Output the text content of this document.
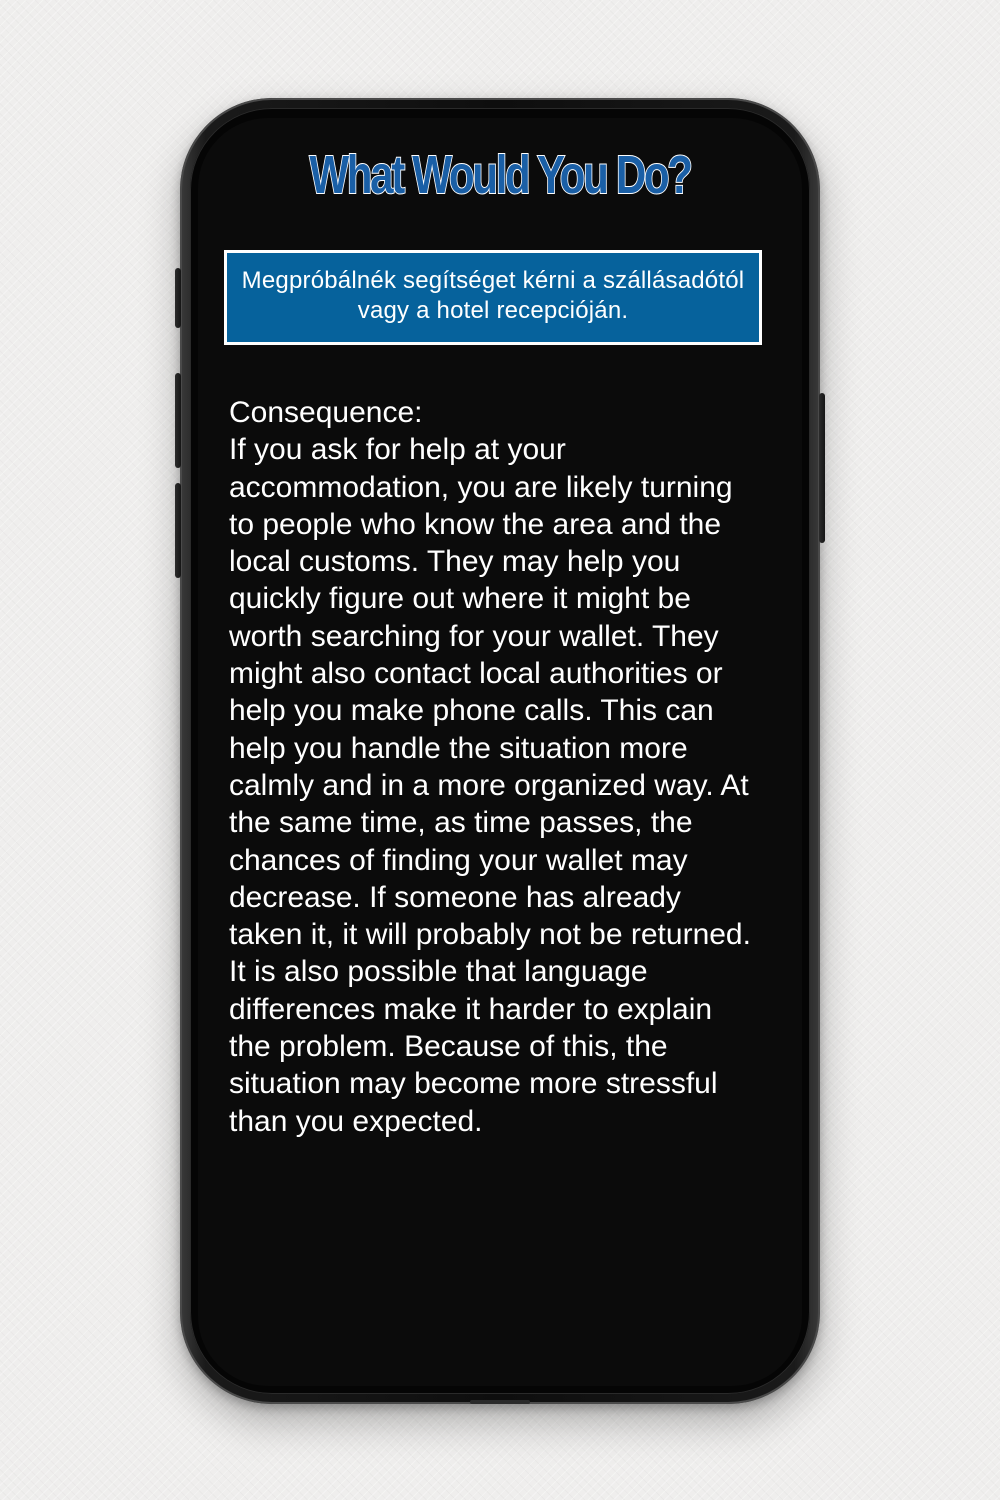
What Would You Do?
Megpróbálnék segítséget kérni a szállásadótól vagy a hotel recepcióján.
Consequence:
If you ask for help at your accommodation, you are likely turning to people who know the area and the local customs. They may help you quickly figure out where it might be worth searching for your wallet. They might also contact local authorities or help you make phone calls. This can help you handle the situation more calmly and in a more organized way. At the same time, as time passes, the chances of finding your wallet may decrease. If someone has already taken it, it will probably not be returned. It is also possible that language differences make it harder to explain the problem. Because of this, the situation may become more stressful than you expected.
